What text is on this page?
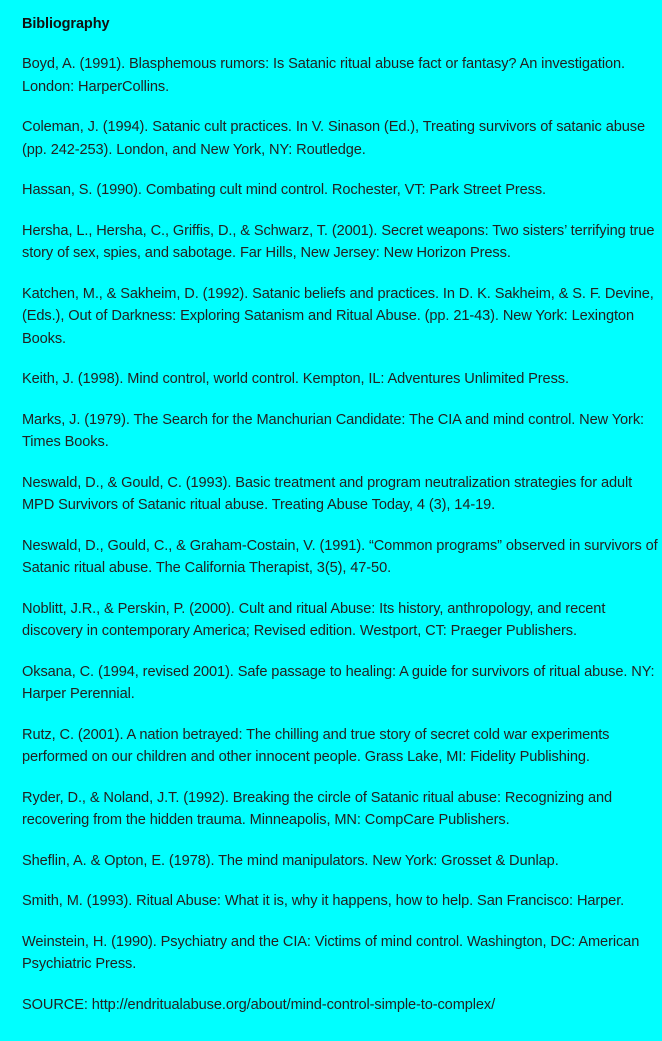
Bibliography
Boyd, A. (1991). Blasphemous rumors: Is Satanic ritual abuse fact or fantasy? An investigation. London: HarperCollins.
Coleman, J. (1994). Satanic cult practices. In V. Sinason (Ed.), Treating survivors of satanic abuse (pp. 242-253). London, and New York, NY: Routledge.
Hassan, S. (1990). Combating cult mind control. Rochester, VT: Park Street Press.
Hersha, L., Hersha, C., Griffis, D., & Schwarz, T. (2001). Secret weapons: Two sisters’ terrifying true story of sex, spies, and sabotage. Far Hills, New Jersey: New Horizon Press.
Katchen, M., & Sakheim, D. (1992). Satanic beliefs and practices. In D. K. Sakheim, & S. F. Devine, (Eds.), Out of Darkness: Exploring Satanism and Ritual Abuse. (pp. 21-43). New York: Lexington Books.
Keith, J. (1998). Mind control, world control. Kempton, IL: Adventures Unlimited Press.
Marks, J. (1979). The Search for the Manchurian Candidate: The CIA and mind control. New York: Times Books.
Neswald, D., & Gould, C. (1993). Basic treatment and program neutralization strategies for adult MPD Survivors of Satanic ritual abuse. Treating Abuse Today, 4 (3), 14-19.
Neswald, D., Gould, C., & Graham-Costain, V. (1991). “Common programs” observed in survivors of Satanic ritual abuse. The California Therapist, 3(5), 47-50.
Noblitt, J.R., & Perskin, P. (2000). Cult and ritual Abuse: Its history, anthropology, and recent discovery in contemporary America; Revised edition. Westport, CT: Praeger Publishers.
Oksana, C. (1994, revised 2001). Safe passage to healing: A guide for survivors of ritual abuse. NY: Harper Perennial.
Rutz, C. (2001). A nation betrayed: The chilling and true story of secret cold war experiments performed on our children and other innocent people. Grass Lake, MI: Fidelity Publishing.
Ryder, D., & Noland, J.T. (1992). Breaking the circle of Satanic ritual abuse: Recognizing and recovering from the hidden trauma. Minneapolis, MN: CompCare Publishers.
Sheflin, A. & Opton, E. (1978). The mind manipulators. New York: Grosset & Dunlap.
Smith, M. (1993). Ritual Abuse: What it is, why it happens, how to help. San Francisco: Harper.
Weinstein, H. (1990). Psychiatry and the CIA: Victims of mind control. Washington, DC: American Psychiatric Press.
SOURCE: http://endritualabuse.org/about/mind-control-simple-to-complex/
